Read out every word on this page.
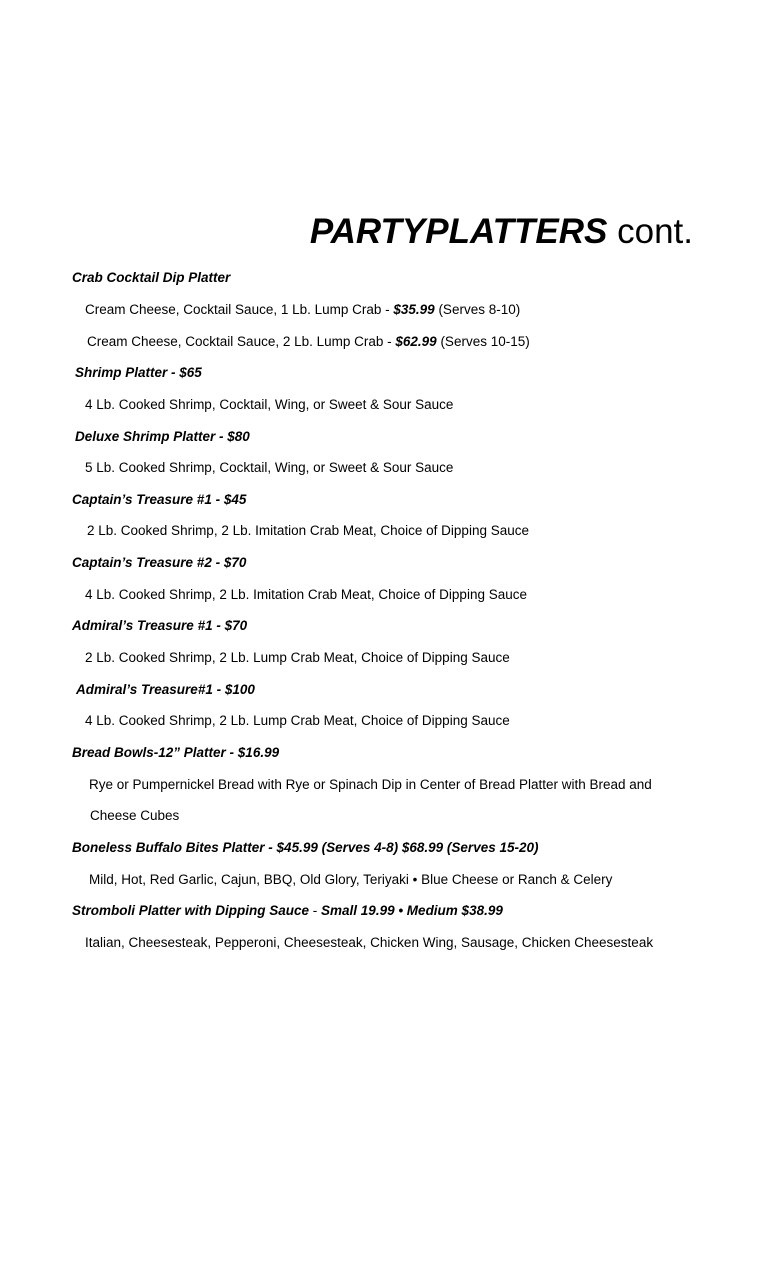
PARTYPLATTERS cont.
Crab Cocktail Dip Platter
Cream Cheese, Cocktail Sauce, 1 Lb. Lump Crab - $35.99 (Serves 8-10)
Cream Cheese, Cocktail Sauce, 2 Lb. Lump Crab - $62.99 (Serves 10-15)
Shrimp Platter - $65
4 Lb. Cooked Shrimp, Cocktail, Wing, or Sweet & Sour Sauce
Deluxe Shrimp Platter - $80
5 Lb. Cooked Shrimp, Cocktail, Wing, or Sweet & Sour Sauce
Captain’s Treasure #1 - $45
2 Lb. Cooked Shrimp, 2 Lb. Imitation Crab Meat, Choice of Dipping Sauce
Captain’s Treasure #2 - $70
4 Lb. Cooked Shrimp, 2 Lb. Imitation Crab Meat, Choice of Dipping Sauce
Admiral’s Treasure #1 - $70
2 Lb. Cooked Shrimp, 2 Lb. Lump Crab Meat, Choice of Dipping Sauce
Admiral’s Treasure#1 - $100
4 Lb. Cooked Shrimp, 2 Lb. Lump Crab Meat, Choice of Dipping Sauce
Bread Bowls-12” Platter - $16.99
Rye or Pumpernickel Bread with Rye or Spinach Dip in Center of Bread Platter with Bread and
Cheese Cubes
Boneless Buffalo Bites Platter - $45.99 (Serves 4-8) $68.99 (Serves 15-20)
Mild, Hot, Red Garlic, Cajun, BBQ, Old Glory, Teriyaki • Blue Cheese or Ranch & Celery
Stromboli Platter with Dipping Sauce - Small 19.99 • Medium $38.99
Italian, Cheesesteak, Pepperoni, Cheesesteak, Chicken Wing, Sausage, Chicken Cheesesteak
